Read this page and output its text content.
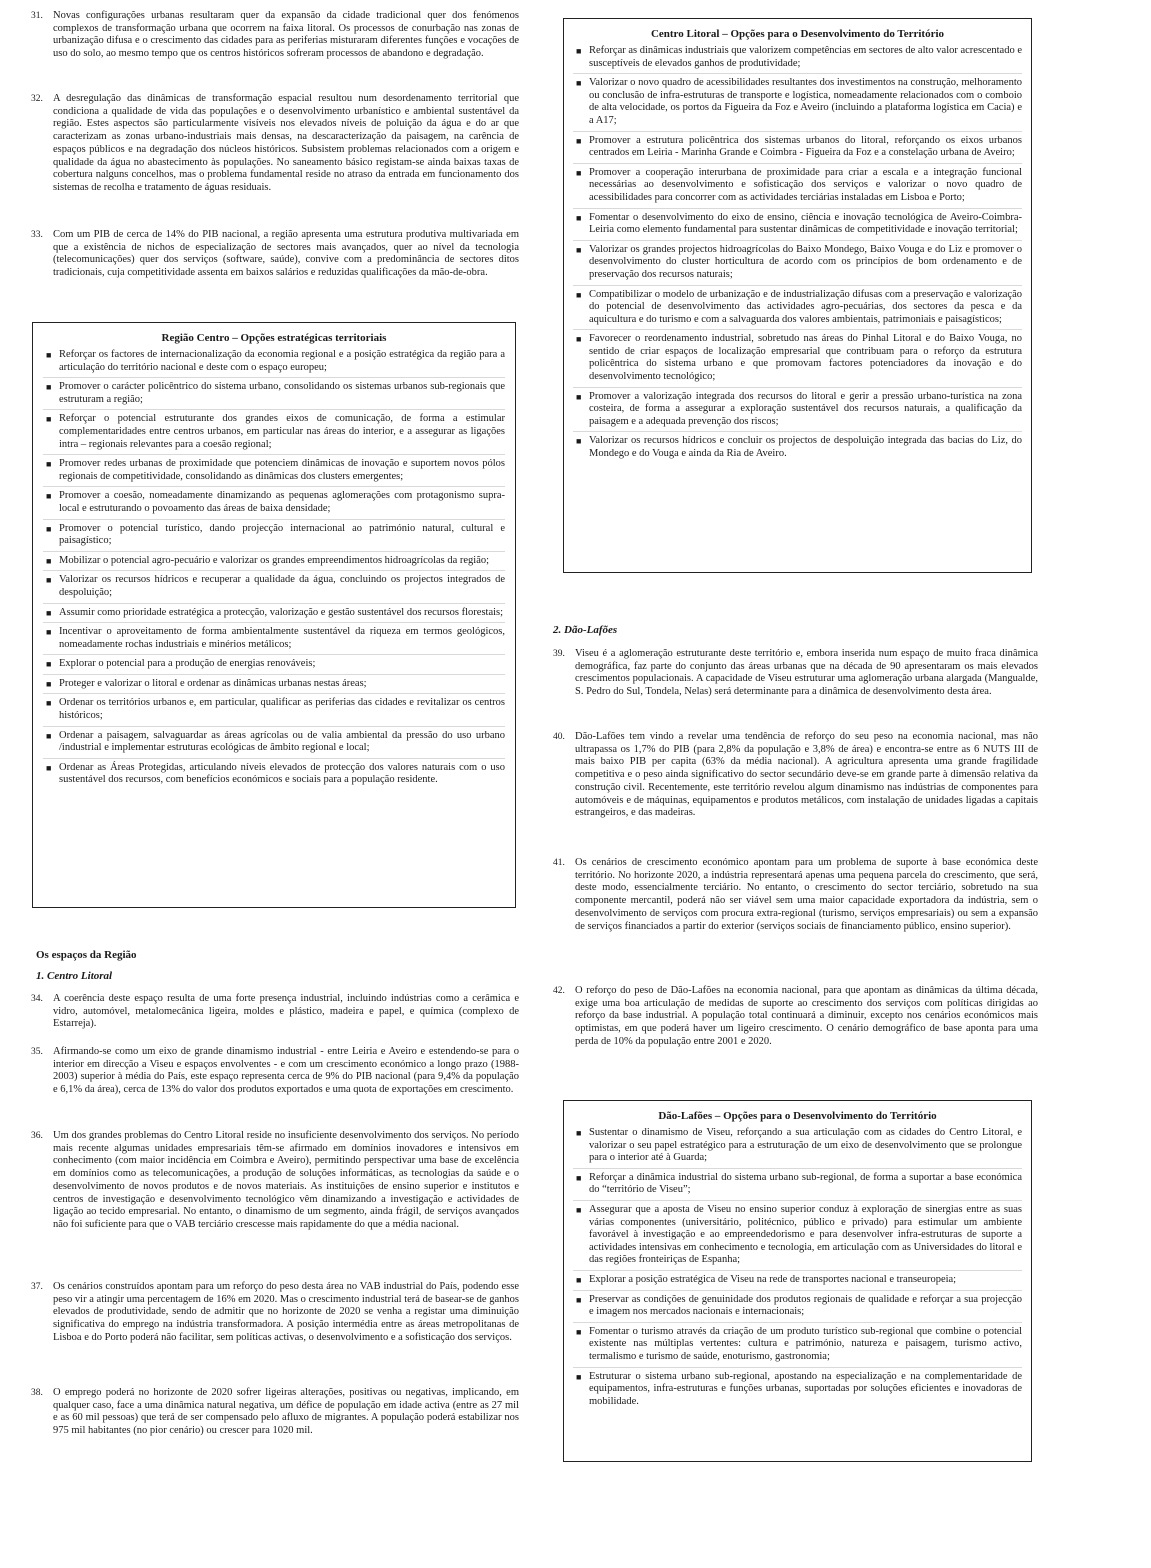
31. Novas configurações urbanas resultaram quer da expansão da cidade tradicional quer dos fenómenos complexos de transformação urbana que ocorrem na faixa litoral. Os processos de conurbação nas zonas de urbanização difusa e o crescimento das cidades para as periferias misturaram diferentes funções e vocações de uso do solo, ao mesmo tempo que os centros históricos sofreram processos de abandono e degradação.
32. A desregulação das dinâmicas de transformação espacial resultou num desordenamento territorial que condiciona a qualidade de vida das populações e o desenvolvimento urbanístico e ambiental sustentável da região. Estes aspectos são particularmente visíveis nos elevados níveis de poluição da água e do ar que caracterizam as zonas urbano-industriais mais densas, na descaracterização da paisagem, na carência de espaços públicos e na degradação dos núcleos históricos. Subsistem problemas relacionados com a origem e qualidade da água no abastecimento às populações. No saneamento básico registam-se ainda baixas taxas de cobertura nalguns concelhos, mas o problema fundamental reside no atraso da entrada em funcionamento dos sistemas de recolha e tratamento de águas residuais.
33. Com um PIB de cerca de 14% do PIB nacional, a região apresenta uma estrutura produtiva multivariada em que a existência de nichos de especialização de sectores mais avançados, quer ao nível da tecnologia (telecomunicações) quer dos serviços (software, saúde), convive com a predominância de sectores ditos tradicionais, cuja competitividade assenta em baixos salários e reduzidas qualificações da mão-de-obra.
Região Centro – Opções estratégicas territoriais
■ Reforçar os factores de internacionalização da economia regional e a posição estratégica da região para a articulação do território nacional e deste com o espaço europeu;
■ Promover o carácter policêntrico do sistema urbano, consolidando os sistemas urbanos sub-regionais que estruturam a região;
■ Reforçar o potencial estruturante dos grandes eixos de comunicação, de forma a estimular complementaridades entre centros urbanos, em particular nas áreas do interior, e a assegurar as ligações intra – regionais relevantes para a coesão regional;
■ Promover redes urbanas de proximidade que potenciem dinâmicas de inovação e suportem novos pólos regionais de competitividade, consolidando as dinâmicas dos clusters emergentes;
■ Promover a coesão, nomeadamente dinamizando as pequenas aglomerações com protagonismo supra-local e estruturando o povoamento das áreas de baixa densidade;
■ Promover o potencial turístico, dando projecção internacional ao património natural, cultural e paisagístico;
■ Mobilizar o potencial agro-pecuário e valorizar os grandes empreendimentos hidroagrícolas da região;
■ Valorizar os recursos hídricos e recuperar a qualidade da água, concluindo os projectos integrados de despoluição;
■ Assumir como prioridade estratégica a protecção, valorização e gestão sustentável dos recursos florestais;
■ Incentivar o aproveitamento de forma ambientalmente sustentável da riqueza em termos geológicos, nomeadamente rochas industriais e minérios metálicos;
■ Explorar o potencial para a produção de energias renováveis;
■ Proteger e valorizar o litoral e ordenar as dinâmicas urbanas nestas áreas;
■ Ordenar os territórios urbanos e, em particular, qualificar as periferias das cidades e revitalizar os centros históricos;
■ Ordenar a paisagem, salvaguardar as áreas agrícolas ou de valia ambiental da pressão do uso urbano /industrial e implementar estruturas ecológicas de âmbito regional e local;
■ Ordenar as Áreas Protegidas, articulando níveis elevados de protecção dos valores naturais com o uso sustentável dos recursos, com benefícios económicos e sociais para a população residente.
Os espaços da Região
1. Centro Litoral
34. A coerência deste espaço resulta de uma forte presença industrial, incluindo indústrias como a cerâmica e vidro, automóvel, metalomecânica ligeira, moldes e plástico, madeira e papel, e química (complexo de Estarreja).
35. Afirmando-se como um eixo de grande dinamismo industrial - entre Leiria e Aveiro e estendendo-se para o interior em direcção a Viseu e espaços envolventes - e com um crescimento económico a longo prazo (1988-2003) superior à média do País, este espaço representa cerca de 9% do PIB nacional (para 9,4% da população e 6,1% da área), cerca de 13% do valor dos produtos exportados e uma quota de exportações em crescimento.
36. Um dos grandes problemas do Centro Litoral reside no insuficiente desenvolvimento dos serviços. No período mais recente algumas unidades empresariais têm-se afirmado em domínios inovadores e intensivos em conhecimento (com maior incidência em Coimbra e Aveiro), permitindo perspectivar uma base de excelência em domínios como as telecomunicações, a produção de soluções informáticas, as tecnologias da saúde e o desenvolvimento de novos produtos e de novos materiais. As instituições de ensino superior e institutos e centros de investigação e desenvolvimento tecnológico vêm dinamizando a investigação e actividades de ligação ao tecido empresarial. No entanto, o dinamismo de um segmento, ainda frágil, de serviços avançados não foi suficiente para que o VAB terciário crescesse mais rapidamente do que a média nacional.
37. Os cenários construídos apontam para um reforço do peso desta área no VAB industrial do País, podendo esse peso vir a atingir uma percentagem de 16% em 2020. Mas o crescimento industrial terá de basear-se de ganhos elevados de produtividade, sendo de admitir que no horizonte de 2020 se venha a registar uma diminuição significativa do emprego na indústria transformadora. A posição intermédia entre as áreas metropolitanas de Lisboa e do Porto poderá não facilitar, sem políticas activas, o desenvolvimento e a sofisticação dos serviços.
38. O emprego poderá no horizonte de 2020 sofrer ligeiras alterações, positivas ou negativas, implicando, em qualquer caso, face a uma dinâmica natural negativa, um défice de população em idade activa (entre as 27 mil e as 60 mil pessoas) que terá de ser compensado pelo afluxo de migrantes. A população poderá estabilizar nos 975 mil habitantes (no pior cenário) ou crescer para 1020 mil.
Centro Litoral – Opções para o Desenvolvimento do Território
■ Reforçar as dinâmicas industriais que valorizem competências em sectores de alto valor acrescentado e susceptíveis de elevados ganhos de produtividade;
■ Valorizar o novo quadro de acessibilidades resultantes dos investimentos na construção, melhoramento ou conclusão de infra-estruturas de transporte e logística, nomeadamente relacionados com o comboio de alta velocidade, os portos da Figueira da Foz e Aveiro (incluindo a plataforma logística em Cacia) e a A17;
■ Promover a estrutura policêntrica dos sistemas urbanos do litoral, reforçando os eixos urbanos centrados em Leiria - Marinha Grande e Coimbra - Figueira da Foz e a constelação urbana de Aveiro;
■ Promover a cooperação interurbana de proximidade para criar a escala e a integração funcional necessárias ao desenvolvimento e sofisticação dos serviços e valorizar o novo quadro de acessibilidades para concorrer com as actividades terciárias instaladas em Lisboa e Porto;
■ Fomentar o desenvolvimento do eixo de ensino, ciência e inovação tecnológica de Aveiro-Coimbra-Leiria como elemento fundamental para sustentar dinâmicas de competitividade e inovação territorial;
■ Valorizar os grandes projectos hidroagrícolas do Baixo Mondego, Baixo Vouga e do Liz e promover o desenvolvimento do cluster horticultura de acordo com os princípios de bom ordenamento e de preservação dos recursos naturais;
■ Compatibilizar o modelo de urbanização e de industrialização difusas com a preservação e valorização do potencial de desenvolvimento das actividades agro-pecuárias, dos sectores da pesca e da aquicultura e do turismo e com a salvaguarda dos valores ambientais, patrimoniais e paisagísticos;
■ Favorecer o reordenamento industrial, sobretudo nas áreas do Pinhal Litoral e do Baixo Vouga, no sentido de criar espaços de localização empresarial que contribuam para o reforço da estrutura policêntrica do sistema urbano e que promovam factores potenciadores da inovação e do desenvolvimento tecnológico;
■ Promover a valorização integrada dos recursos do litoral e gerir a pressão urbano-turística na zona costeira, de forma a assegurar a exploração sustentável dos recursos naturais, a qualificação da paisagem e a adequada prevenção dos riscos;
■ Valorizar os recursos hídricos e concluir os projectos de despoluição integrada das bacias do Liz, do Mondego e do Vouga e ainda da Ria de Aveiro.
2. Dão-Lafões
39. Viseu é a aglomeração estruturante deste território e, embora inserida num espaço de muito fraca dinâmica demográfica, faz parte do conjunto das áreas urbanas que na década de 90 apresentaram os mais elevados crescimentos populacionais. A capacidade de Viseu estruturar uma aglomeração urbana alargada (Mangualde, S. Pedro do Sul, Tondela, Nelas) será determinante para a dinâmica de desenvolvimento desta área.
40. Dão-Lafões tem vindo a revelar uma tendência de reforço do seu peso na economia nacional, mas não ultrapassa os 1,7% do PIB (para 2,8% da população e 3,8% de área) e encontra-se entre as 6 NUTS III de mais baixo PIB per capita (63% da média nacional). A agricultura apresenta uma grande fragilidade competitiva e o peso ainda significativo do sector secundário deve-se em grande parte à dimensão relativa da construção civil. Recentemente, este território revelou algum dinamismo nas indústrias de componentes para automóveis e de máquinas, equipamentos e produtos metálicos, com instalação de unidades ligadas a capitais estrangeiros, e das madeiras.
41. Os cenários de crescimento económico apontam para um problema de suporte à base económica deste território. No horizonte 2020, a indústria representará apenas uma pequena parcela do crescimento, que será, deste modo, essencialmente terciário. No entanto, o crescimento do sector terciário, sobretudo na sua componente mercantil, poderá não ser viável sem uma maior capacidade exportadora da indústria, sem o desenvolvimento de serviços com procura extra-regional (turismo, serviços empresariais) ou sem a expansão de serviços financiados a partir do exterior (serviços sociais de financiamento público, ensino superior).
42. O reforço do peso de Dão-Lafões na economia nacional, para que apontam as dinâmicas da última década, exige uma boa articulação de medidas de suporte ao crescimento dos serviços com políticas dirigidas ao reforço da base industrial. A população total continuará a diminuir, excepto nos cenários económicos mais optimistas, em que poderá haver um ligeiro crescimento. O cenário demográfico de base aponta para uma perda de 10% da população entre 2001 e 2020.
Dão-Lafões – Opções para o Desenvolvimento do Território
■ Sustentar o dinamismo de Viseu, reforçando a sua articulação com as cidades do Centro Litoral, e valorizar o seu papel estratégico para a estruturação de um eixo de desenvolvimento que se prolongue para o interior até à Guarda;
■ Reforçar a dinâmica industrial do sistema urbano sub-regional, de forma a suportar a base económica do “território de Viseu”;
■ Assegurar que a aposta de Viseu no ensino superior conduz à exploração de sinergias entre as suas várias componentes (universitário, politécnico, público e privado) para estimular um ambiente favorável à investigação e ao empreendedorismo e para desenvolver infra-estruturas de suporte a actividades intensivas em conhecimento e tecnologia, em articulação com as Universidades do litoral e das regiões fronteiriças de Espanha;
■ Explorar a posição estratégica de Viseu na rede de transportes nacional e transeuropeia;
■ Preservar as condições de genuinidade dos produtos regionais de qualidade e reforçar a sua projecção e imagem nos mercados nacionais e internacionais;
■ Fomentar o turismo através da criação de um produto turístico sub-regional que combine o potencial existente nas múltiplas vertentes: cultura e património, natureza e paisagem, turismo activo, termalismo e turismo de saúde, enoturismo, gastronomia;
■ Estruturar o sistema urbano sub-regional, apostando na especialização e na complementaridade de equipamentos, infra-estruturas e funções urbanas, suportadas por soluções eficientes e inovadoras de mobilidade.
